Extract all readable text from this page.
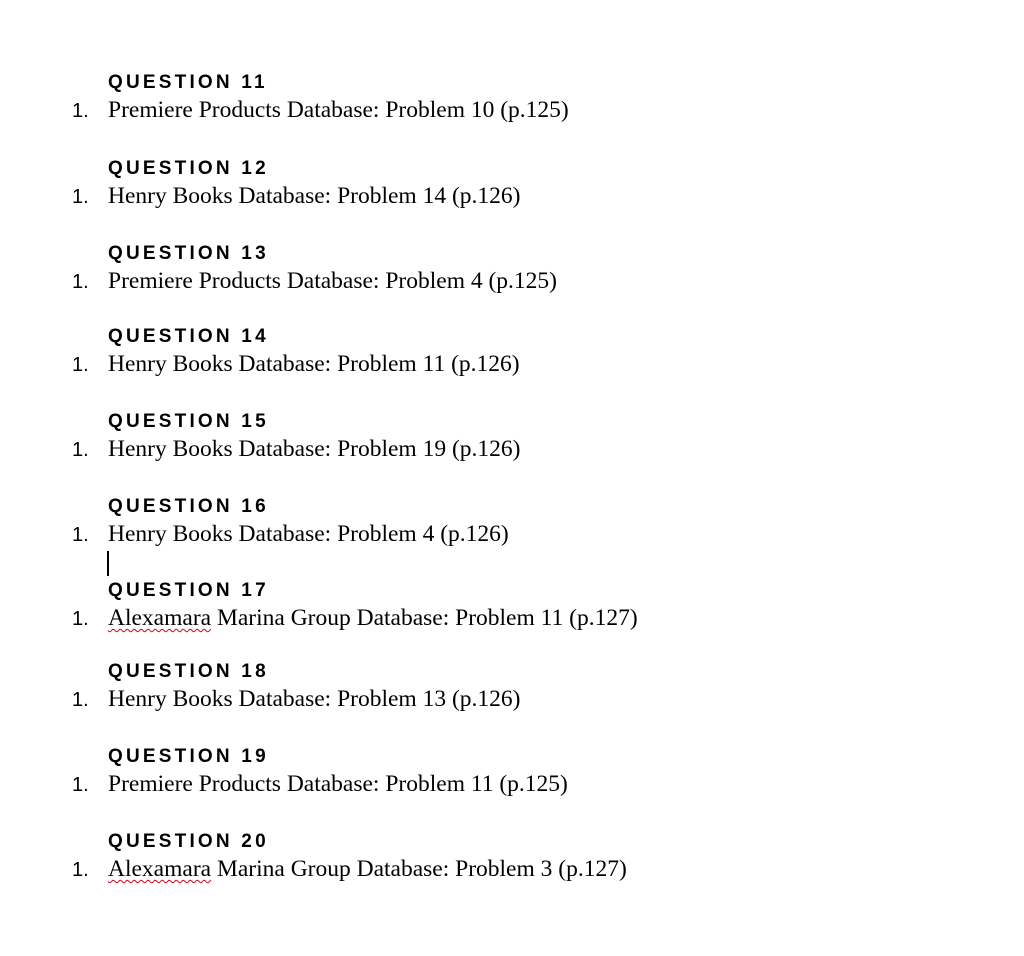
QUESTION 11
1. Premiere Products Database: Problem 10 (p.125)
QUESTION 12
1. Henry Books Database: Problem 14 (p.126)
QUESTION 13
1. Premiere Products Database: Problem 4 (p.125)
QUESTION 14
1. Henry Books Database: Problem 11 (p.126)
QUESTION 15
1. Henry Books Database: Problem 19 (p.126)
QUESTION 16
1. Henry Books Database: Problem 4 (p.126)
QUESTION 17
1. Alexamara Marina Group Database: Problem 11 (p.127)
QUESTION 18
1. Henry Books Database: Problem 13 (p.126)
QUESTION 19
1. Premiere Products Database: Problem 11 (p.125)
QUESTION 20
1. Alexamara Marina Group Database: Problem 3 (p.127)
